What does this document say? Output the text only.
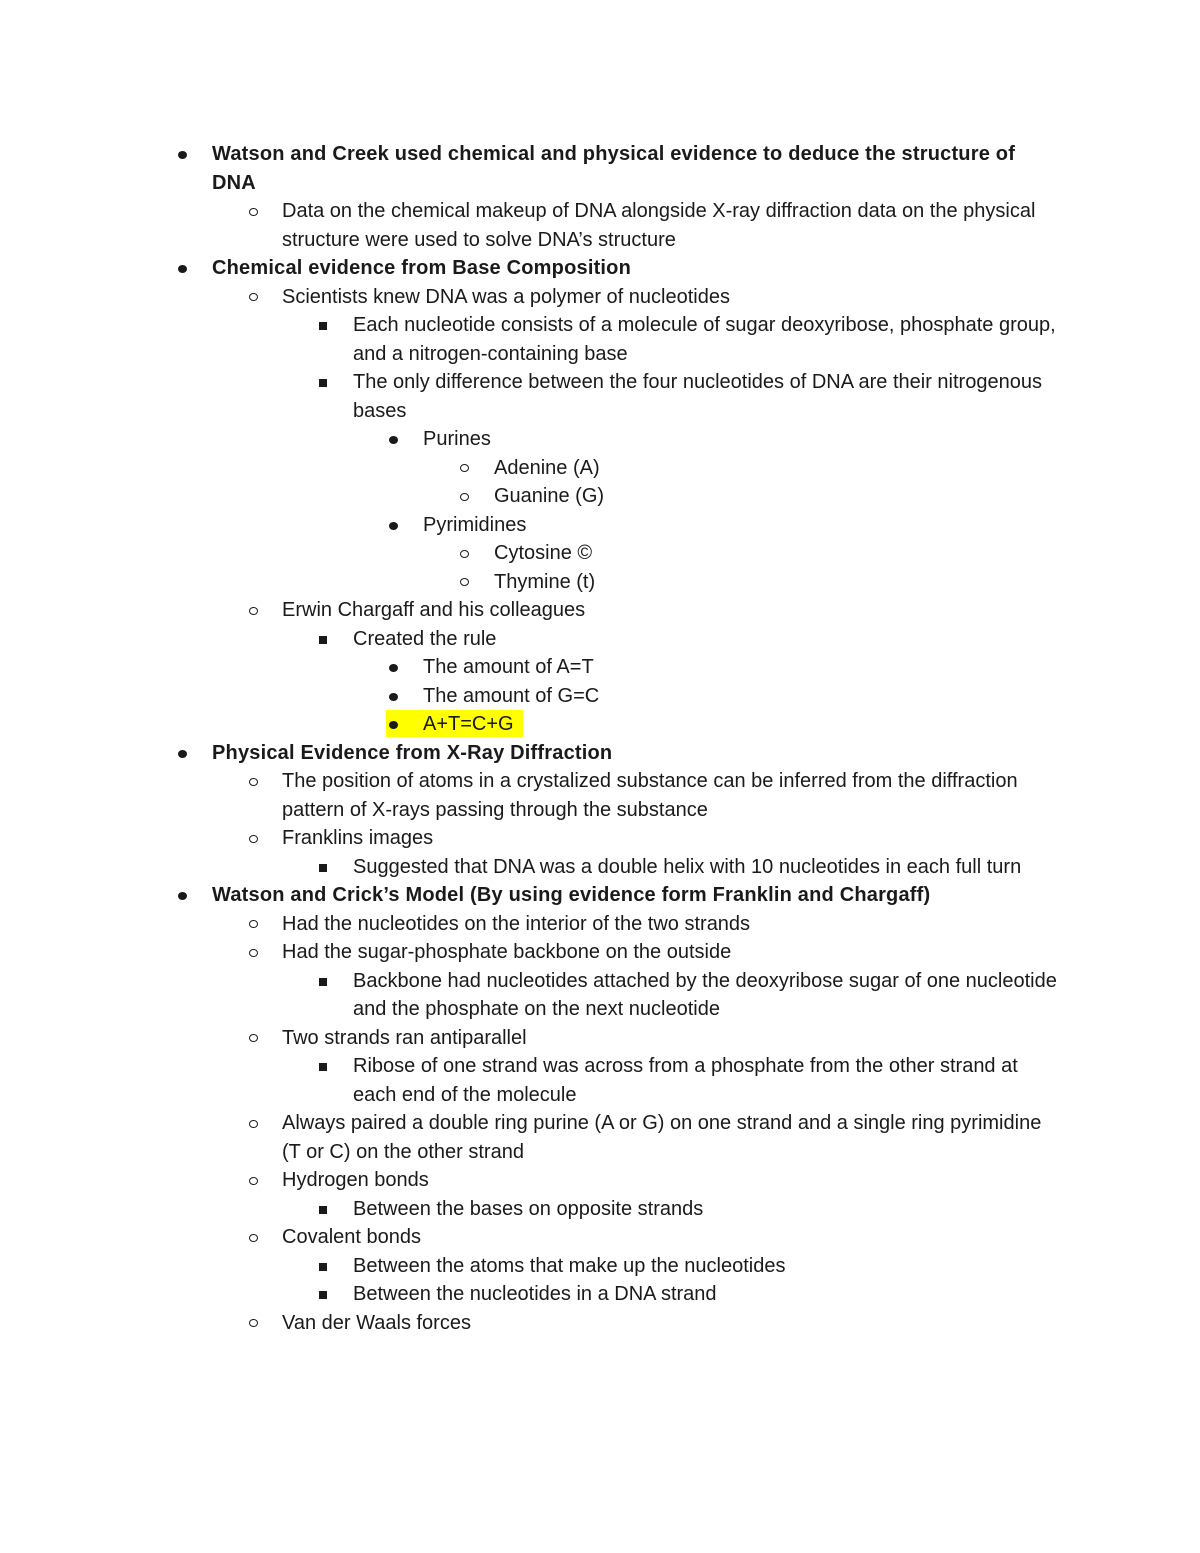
Watson and Creek used chemical and physical evidence to deduce the structure of DNA
Data on the chemical makeup of DNA alongside X-ray diffraction data on the physical structure were used to solve DNA’s structure
Chemical evidence from Base Composition
Scientists knew DNA was a polymer of nucleotides
Each nucleotide consists of a molecule of sugar deoxyribose, phosphate group, and a nitrogen-containing base
The only difference between the four nucleotides of DNA are their nitrogenous bases
Purines
Adenine (A)
Guanine (G)
Pyrimidines
Cytosine ©
Thymine (t)
Erwin Chargaff and his colleagues
Created the rule
The amount of A=T
The amount of G=C
A+T=C+G
Physical Evidence from X-Ray Diffraction
The position of atoms in a crystalized substance can be inferred from the diffraction pattern of X-rays passing through the substance
Franklins images
Suggested that DNA was a double helix with 10 nucleotides in each full turn
Watson and Crick’s Model (By using evidence form Franklin and Chargaff)
Had the nucleotides on the interior of the two strands
Had the sugar-phosphate backbone on the outside
Backbone had nucleotides attached by the deoxyribose sugar of one nucleotide and the phosphate on the next nucleotide
Two strands ran antiparallel
Ribose of one strand was across from a phosphate from the other strand at each end of the molecule
Always paired a double ring purine (A or G) on one strand and a single ring pyrimidine (T or C) on the other strand
Hydrogen bonds
Between the bases on opposite strands
Covalent bonds
Between the atoms that make up the nucleotides
Between the nucleotides in a DNA strand
Van der Waals forces
